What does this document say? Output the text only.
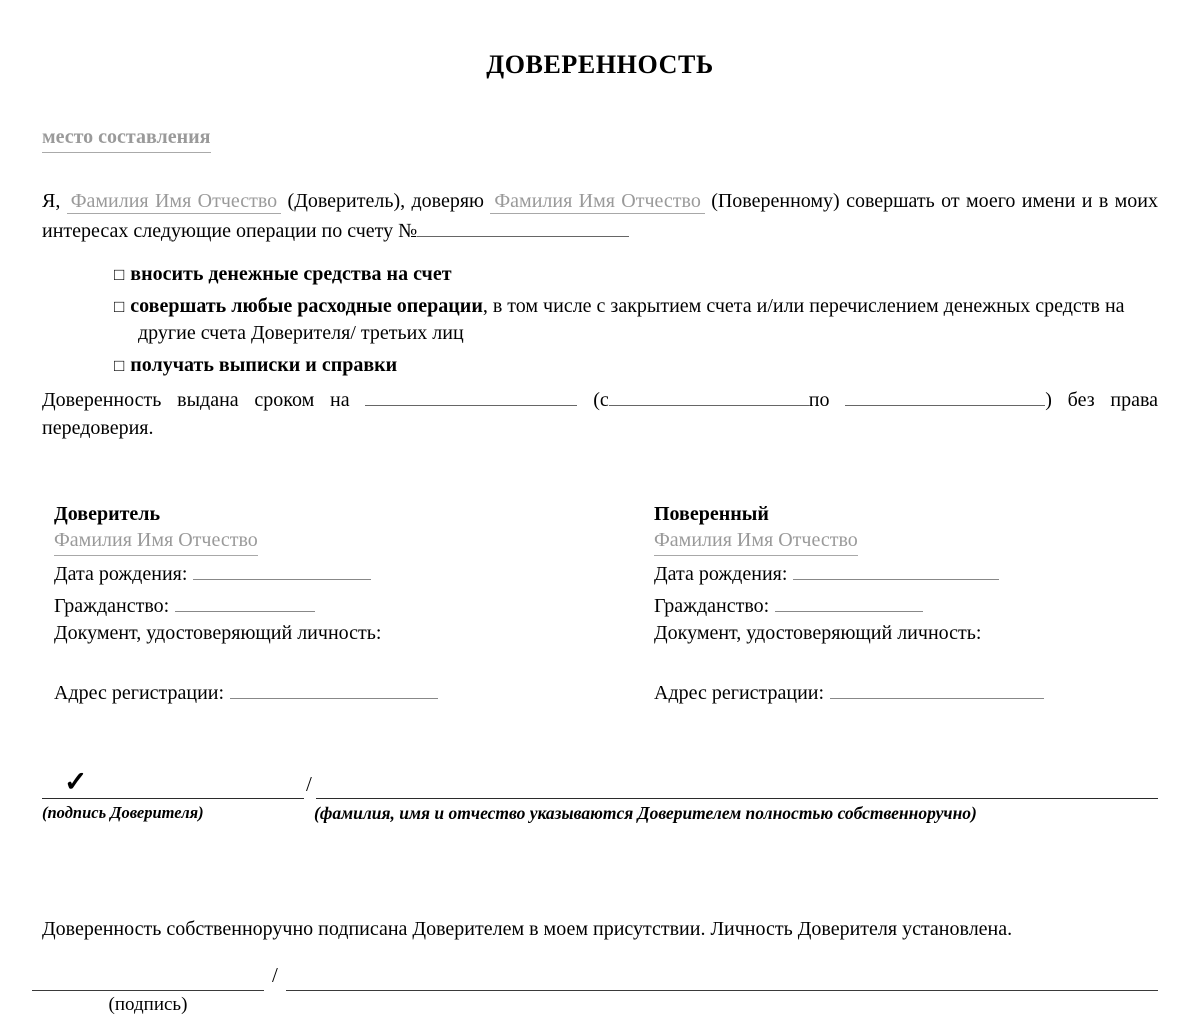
ДОВЕРЕННОСТЬ
место составления

Я, Фамилия Имя Отчество (Доверитель), доверяю Фамилия Имя Отчество (Поверенному) совершать от моего имени и в моих интересах следующие операции по счету №

□ вносить денежные средства на счет
□ совершать любые расходные операции, в том числе с закрытием счета и/или перечислением денежных средств на другие счета Доверителя/ третьих лиц
□ получать выписки и справки

Доверенность выдана сроком на	(с	по	) без права передоверия.

Доверитель
Фамилия Имя Отчество
Дата рождения:
Гражданство:
Документ, удостоверяющий личность:
Адрес регистрации:
Поверенный
Фамилия Имя Отчество
Дата рождения:
Гражданство:
Документ, удостоверяющий личность:
Адрес регистрации:
✓	/
(подпись Доверителя)	(фамилия, имя и отчество указываются Доверителем полностью собственноручно)
Доверенность собственноручно подписана Доверителем в моем присутствии. Личность Доверителя установлена.
/
(подпись)
